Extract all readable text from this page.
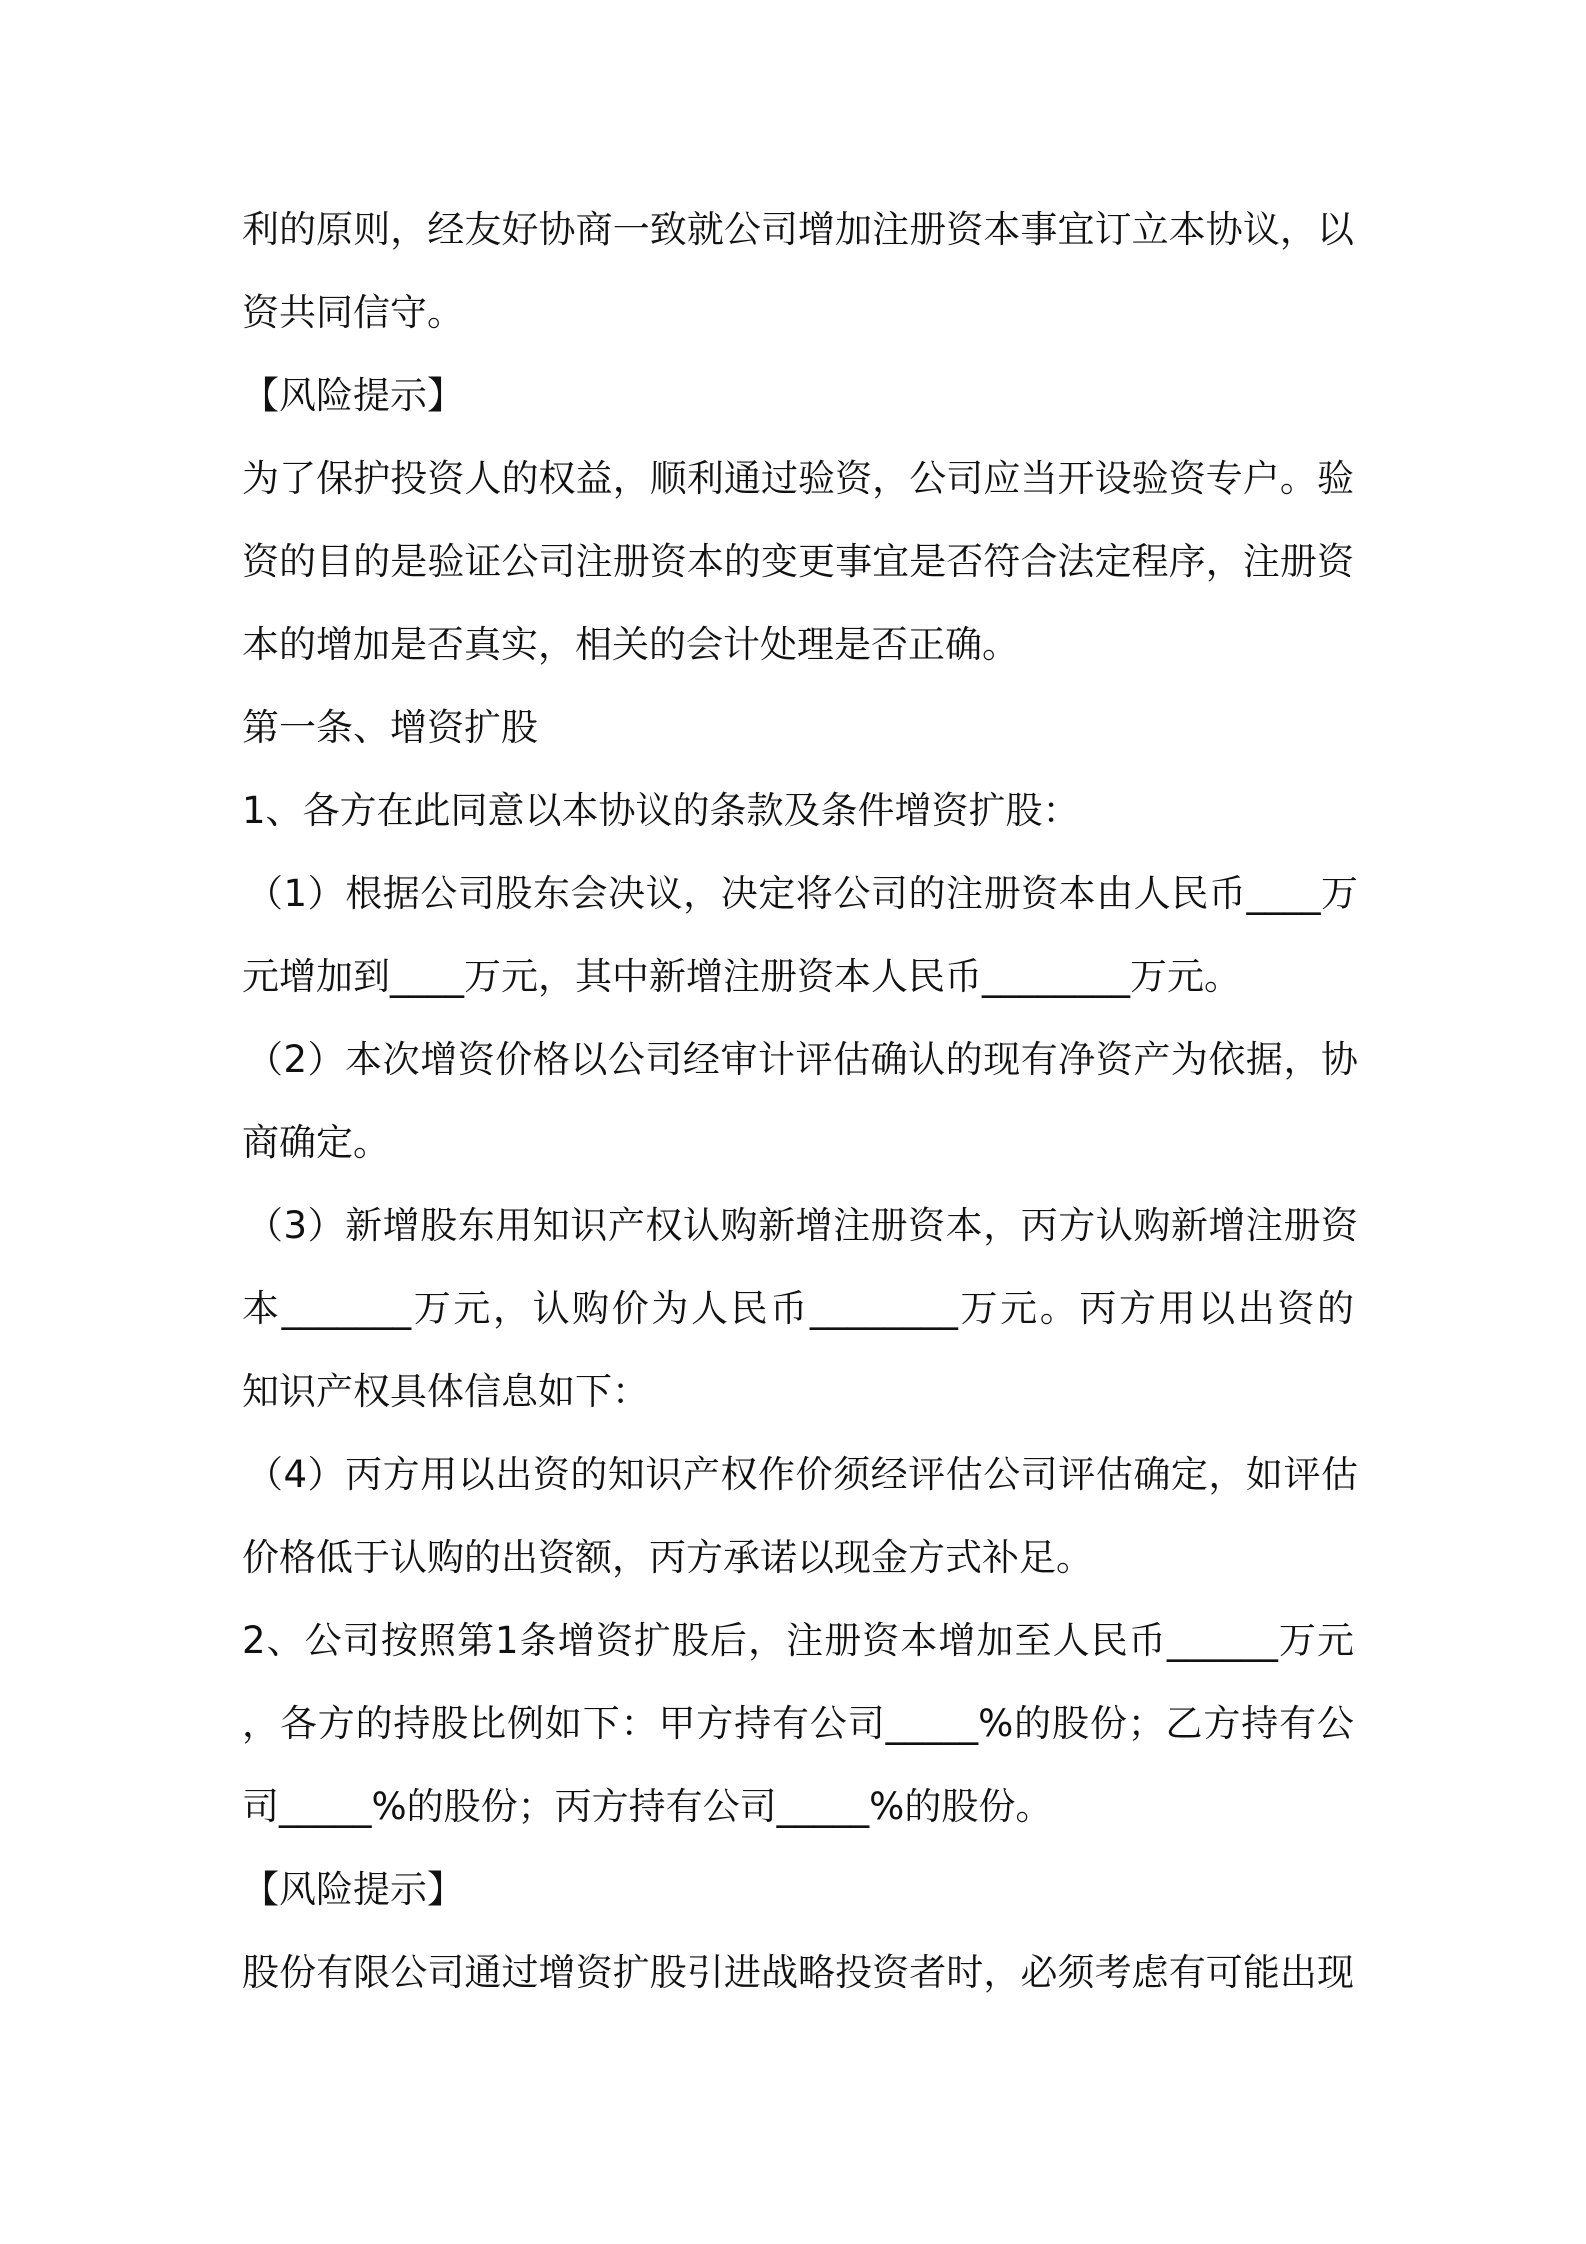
利的原则，经友好协商一致就公司增加注册资本事宜订立本协议，以
资共同信守。
【风险提示】
为了保护投资人的权益，顺利通过验资，公司应当开设验资专户。验
资的目的是验证公司注册资本的变更事宜是否符合法定程序，注册资
本的增加是否真实，相关的会计处理是否正确。
第一条、增资扩股
1、各方在此同意以本协议的条款及条件增资扩股：
（1）根据公司股东会决议，决定将公司的注册资本由人民币____万
元增加到____万元，其中新增注册资本人民币________万元。
（2）本次增资价格以公司经审计评估确认的现有净资产为依据，协
商确定。
（3）新增股东用知识产权认购新增注册资本，丙方认购新增注册资
本_______万元，认购价为人民币________万元。丙方用以出资的
知识产权具体信息如下：
（4）丙方用以出资的知识产权作价须经评估公司评估确定，如评估
价格低于认购的出资额，丙方承诺以现金方式补足。
2、公司按照第1条增资扩股后，注册资本增加至人民币______万元
，各方的持股比例如下：甲方持有公司_____%的股份；乙方持有公
司_____%的股份；丙方持有公司_____%的股份。
【风险提示】
股份有限公司通过增资扩股引进战略投资者时，必须考虑有可能出现
